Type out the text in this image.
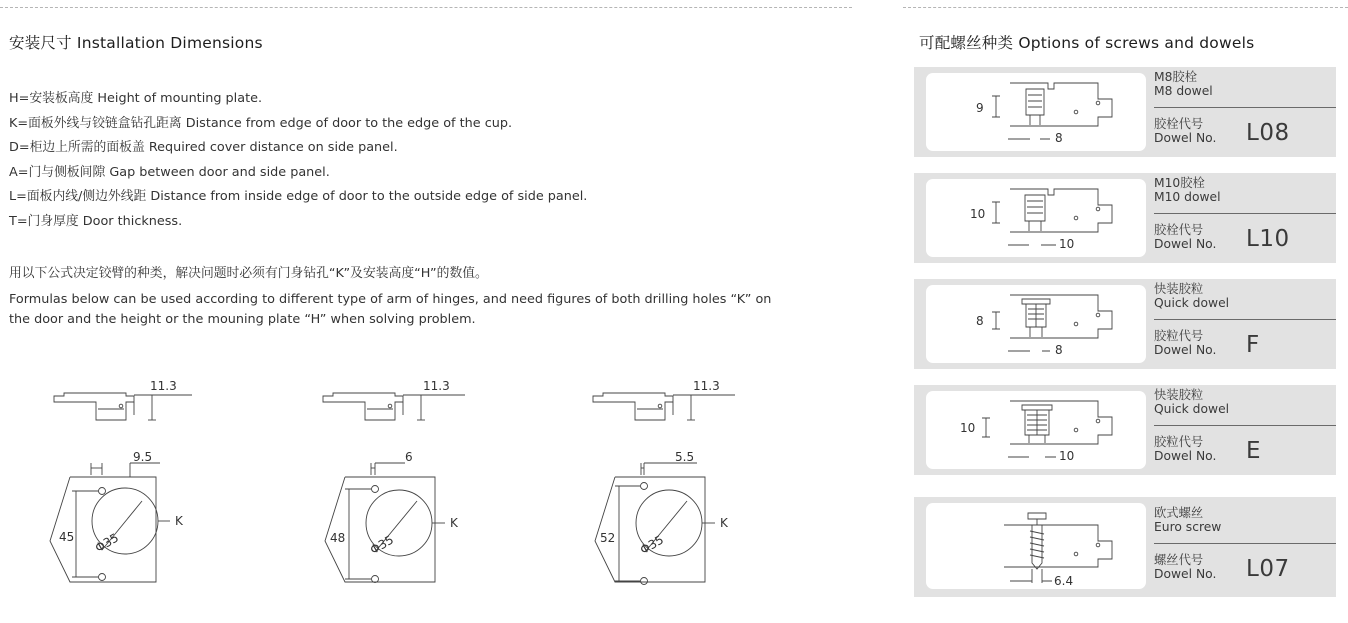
安装尺寸 Installation Dimensions
H=安装板高度 Height of mounting plate.
K=面板外线与铰链盒钻孔距离 Distance from edge of door to the edge of the cup.
D=柜边上所需的面板盖 Required cover distance on side panel.
A=门与侧板间隙 Gap between door and side panel.
L=面板内线/侧边外线距 Distance from inside edge of door to the outside edge of side panel.
T=门身厚度 Door thickness.
用以下公式决定铰臂的种类，解决问题时必须有门身钻孔“K”及安装高度“H”的数值。
Formulas below can be used according to different type of arm of hinges, and need figures of both drilling holes “K” on the door and the height or the mouning plate “H” when solving problem.
11.3
9.5
45 Φ35
K
11.3
6
48 Φ35
K
11.3
5.5
52 Φ35
K
可配螺丝种类 Options of screws and dowels
9
8
M8胶栓
M8 dowel
胶栓代号
Dowel No.	L08
10
10
M10胶栓
M10 dowel
胶栓代号
Dowel No.	L10
8
8
快装胶粒
Quick dowel
胶粒代号
Dowel No.	F
10
10
快装胶粒
Quick dowel
胶粒代号
Dowel No.	E
6.4
欧式螺丝
Euro screw
螺丝代号
Dowel No.	L07
